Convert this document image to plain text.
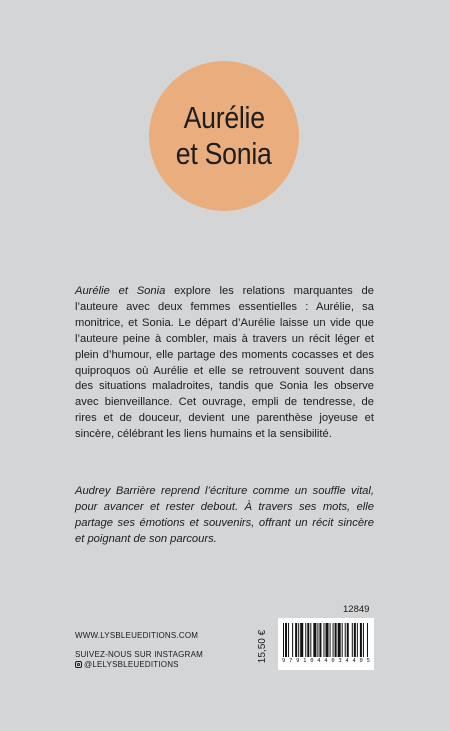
Aurélie
et Sonia
Aurélie et Sonia explore les relations marquantes de l’auteure avec deux femmes essentielles : Aurélie, sa monitrice, et Sonia. Le départ d’Aurélie laisse un vide que l’auteure peine à combler, mais à travers un récit léger et plein d’humour, elle partage des moments cocasses et des quiproquos où Aurélie et elle se retrouvent souvent dans des situations maladroites, tandis que Sonia les observe avec bienveillance. Cet ouvrage, empli de tendresse, de rires et de douceur, devient une parenthèse joyeuse et sincère, célébrant les liens humains et la sensibilité.
Audrey Barrière reprend l’écriture comme un souffle vital, pour avancer et rester debout. À travers ses mots, elle partage ses émotions et souvenirs, offrant un récit sincère et poignant de son parcours.
12849
WWW.LYSBLEUEDITIONS.COM
SUIVEZ-NOUS SUR INSTAGRAM
@LELYSBLEUEDITIONS
15,50 € 9 7 9 1 0 4 4 0 3 4 4 0 5
